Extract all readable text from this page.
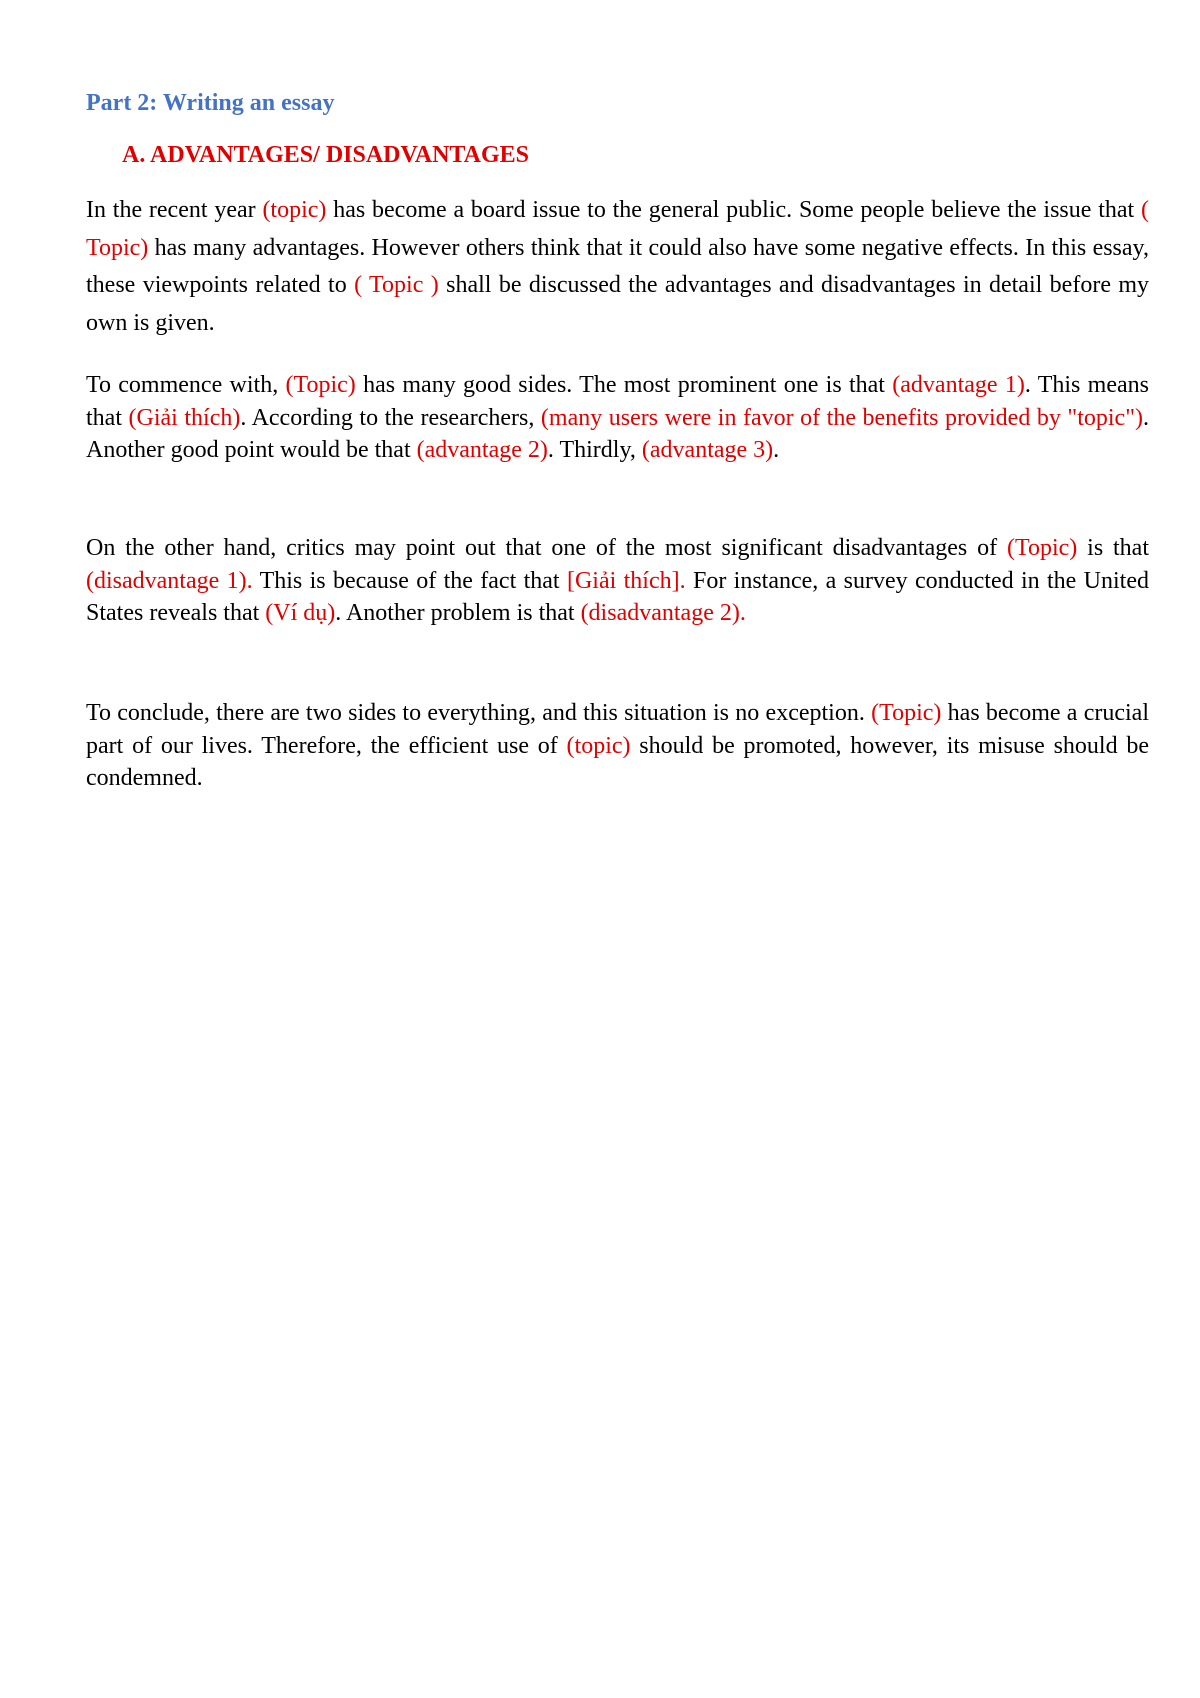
Part 2: Writing an essay
A. ADVANTAGES/ DISADVANTAGES

In the recent year (topic) has become a board issue to the general public. Some people believe the issue that ( Topic) has many advantages. However others think that it could also have some negative effects. In this essay, these viewpoints related to ( Topic ) shall be discussed the advantages and disadvantages in detail before my own is given.

To commence with, (Topic) has many good sides. The most prominent one is that (advantage 1). This means that (Giải thích). According to the researchers, (many users were in favor of the benefits provided by "topic"). Another good point would be that (advantage 2). Thirdly, (advantage 3).

On the other hand, critics may point out that one of the most significant disadvantages of (Topic) is that (disadvantage 1). This is because of the fact that [Giải thích]. For instance, a survey conducted in the United States reveals that (Ví dụ). Another problem is that (disadvantage 2).

To conclude, there are two sides to everything, and this situation is no exception. (Topic) has become a crucial part of our lives. Therefore, the efficient use of (topic) should be promoted, however, its misuse should be condemned.
